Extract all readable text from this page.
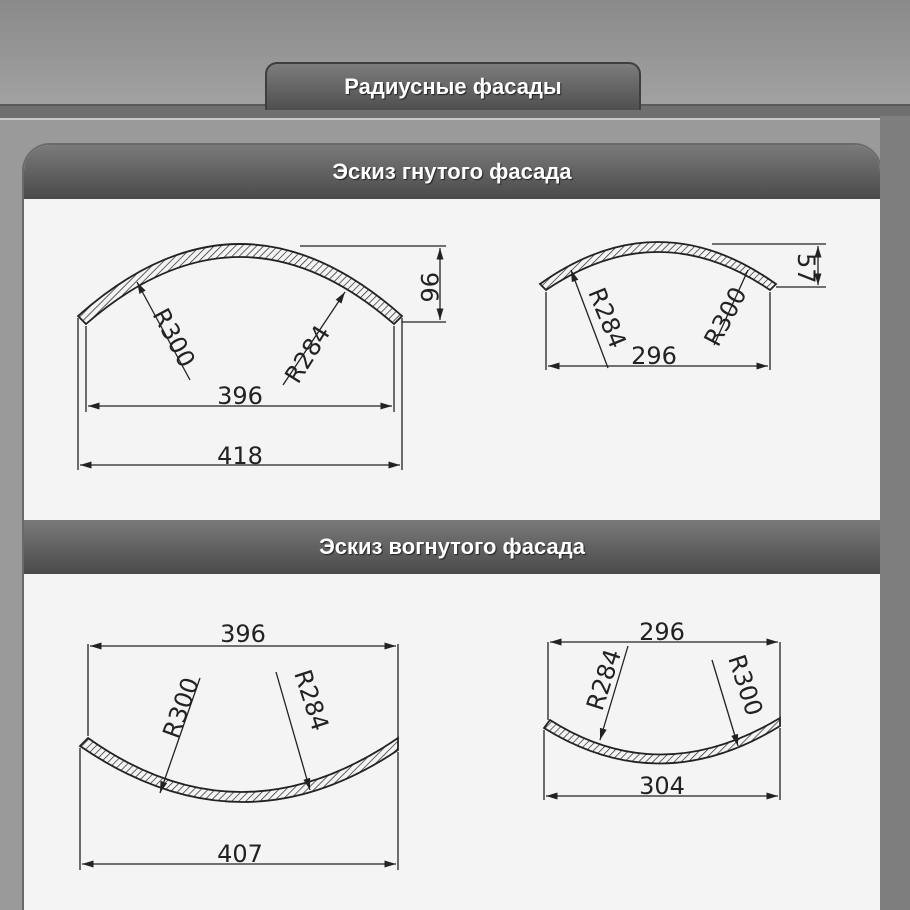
Радиусные фасады
Эскиз гнутого фасада
Эскиз вогнутого фасада
R300	R284
96
396
418
R284	R300
57
296
396
R300	R284
407
296
R284	R300
304
